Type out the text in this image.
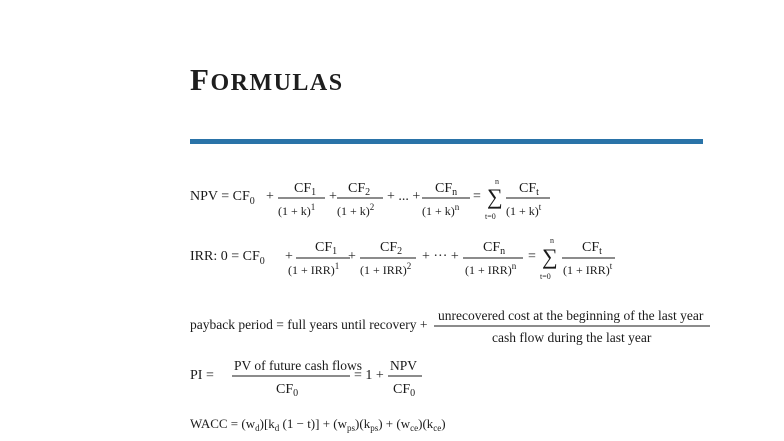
FORMULAS
NPV = $CF_0$ +
$CF_1$
$(1 + k)^1$
+
$CF_2$
$(1 + k)^2$
+ ... +
$CF_n$
$(1 + k)^n$
=
n
∑
t=0
$CF_t$
$(1 + k)^t$
IRR: $0 = CF_0$ +
$CF_1$
(1 + IRR)$^1$
+
$CF_2$
(1 + IRR)$^2$
+ ··· +
$CF_n$
(1 + IRR)$^n$
=
n
∑
t=0
$CF_t$
(1 + IRR)$^t$
payback period = full years until recovery +
unrecovered cost at the beginning of the last year
cash flow during the last year
PI =
PV of future cash flows
$CF_0$
= 1 +
NPV
$CF_0$
WACC = $(w_d)[k_d$ $(1 - t)] + (w_{ps})(k_{ps}) + (w_{ce})(k_{ce})$
